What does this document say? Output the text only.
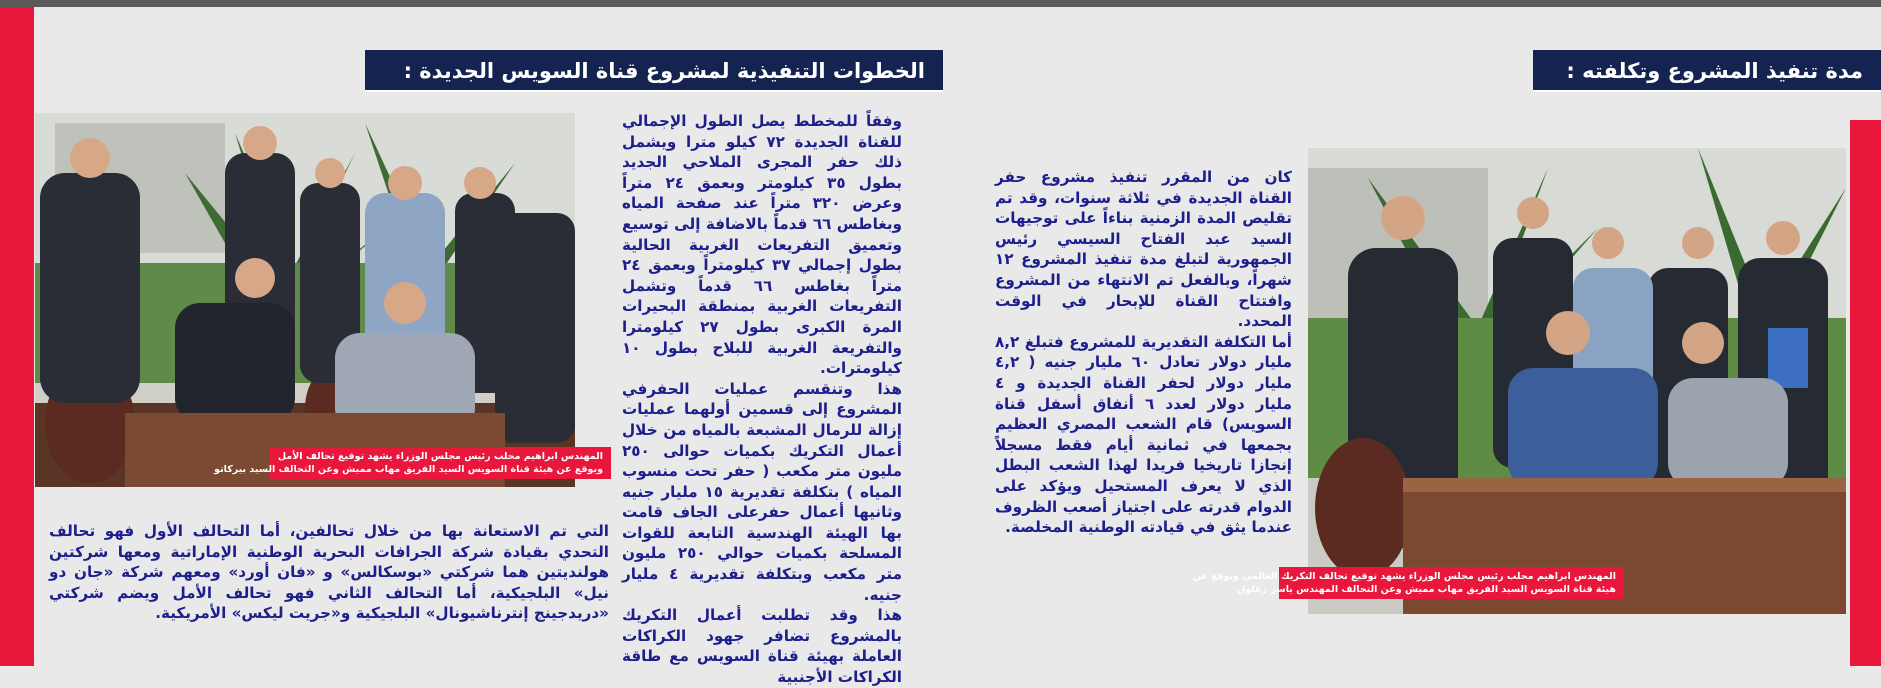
الخطوات التنفيذية لمشروع قناة السويس الجديدة :
المهندس ابراهيم محلب رئيس مجلس الوزراء يشهد توقيع تحالف الأمل
ويوقع عن هيئة قناة السويس السيد الفريق مهاب مميش وعن التحالف السيد بيركاتو

وفقاً للمخطط يصل الطول الإجمالي للقناة الجديدة ٧٢ كيلو مترا ويشمل ذلك حفر المجرى الملاحي الجديد بطول ٣٥ كيلومتر وبعمق ٢٤ متراً وعرض ٣٢٠ متراً عند صفحة المياه وبغاطس ٦٦ قدماً بالاضافة إلى توسيع وتعميق التفريعات الغربية الحالية بطول إجمالي ٣٧ كيلومتراً وبعمق ٢٤ متراً بغاطس ٦٦ قدماً وتشمل التفريعات الغربية بمنطقة البحيرات المرة الكبرى بطول ٢٧ كيلومترا والتفريعة الغربية للبلاح بطول ١٠ كيلومترات.

هذا وتنقسم عمليات الحفرفي المشروع إلى قسمين أولهما عمليات إزالة للرمال المشبعة بالمياه من خلال أعمال التكريك بكميات حوالى ٢٥٠ مليون متر مكعب ( حفر تحت منسوب المياه ) بتكلفة تقديرية ١٥ مليار جنيه وثانيها أعمال حفرعلى الجاف قامت بها الهيئة الهندسية التابعة للقوات المسلحة بكميات حوالي ٢٥٠ مليون متر مكعب وبتكلفة تقديرية ٤ مليار جنيه.

هذا وقد تطلبت أعمال التكريك بالمشروع تضافر جهود الكراكات العاملة بهيئة قناة السويس مع طاقة الكراكات الأجنبية

التي تم الاستعانة بها من خلال تحالفين، أما التحالف الأول فهو تحالف التحدي بقيادة شركة الجرافات البحرية الوطنية الإماراتية ومعها شركتين هولنديتين هما شركتي «بوسكالس» و «فان أورد» ومعهم شركة «جان دو نيل» البلجيكية، أما التحالف الثاني فهو تحالف الأمل ويضم شركتي «دريدجينج إنترناشيونال» البلجيكية و«جريت ليكس» الأمريكية.

مدة تنفيذ المشروع وتكلفته :

كان من المقرر تنفيذ مشروع حفر القناة الجديدة في ثلاثة سنوات، وقد تم تقليص المدة الزمنية بناءاً على توجيهات السيد عبد الفتاح السيسي رئيس الجمهورية لتبلغ مدة تنفيذ المشروع ١٢ شهراً، وبالفعل تم الانتهاء من المشروع وافتتاح القناة للإبحار في الوقت المحدد.

أما التكلفة التقديرية للمشروع فتبلغ ٨,٢ مليار دولار تعادل ٦٠ مليار جنيه ( ٤,٢ مليار دولار لحفر القناة الجديدة و ٤ مليار دولار لعدد ٦ أنفاق أسفل قناة السويس) قام الشعب المصري العظيم بجمعها في ثمانية أيام فقط مسجلاً إنجازا تاريخيا فريدا لهذا الشعب البطل الذي لا يعرف المستحيل ويؤكد على الدوام قدرته على اجتياز أصعب الظروف عندما يثق في قيادته الوطنية المخلصة.

المهندس ابراهيم محلب رئيس مجلس الوزراء يشهد توقيع تحالف التكريك العالمي ويوقع عن
هيئة قناة السويس السيد الفريق مهاب مميش وعن التحالف المهندس ياسر زغلول
